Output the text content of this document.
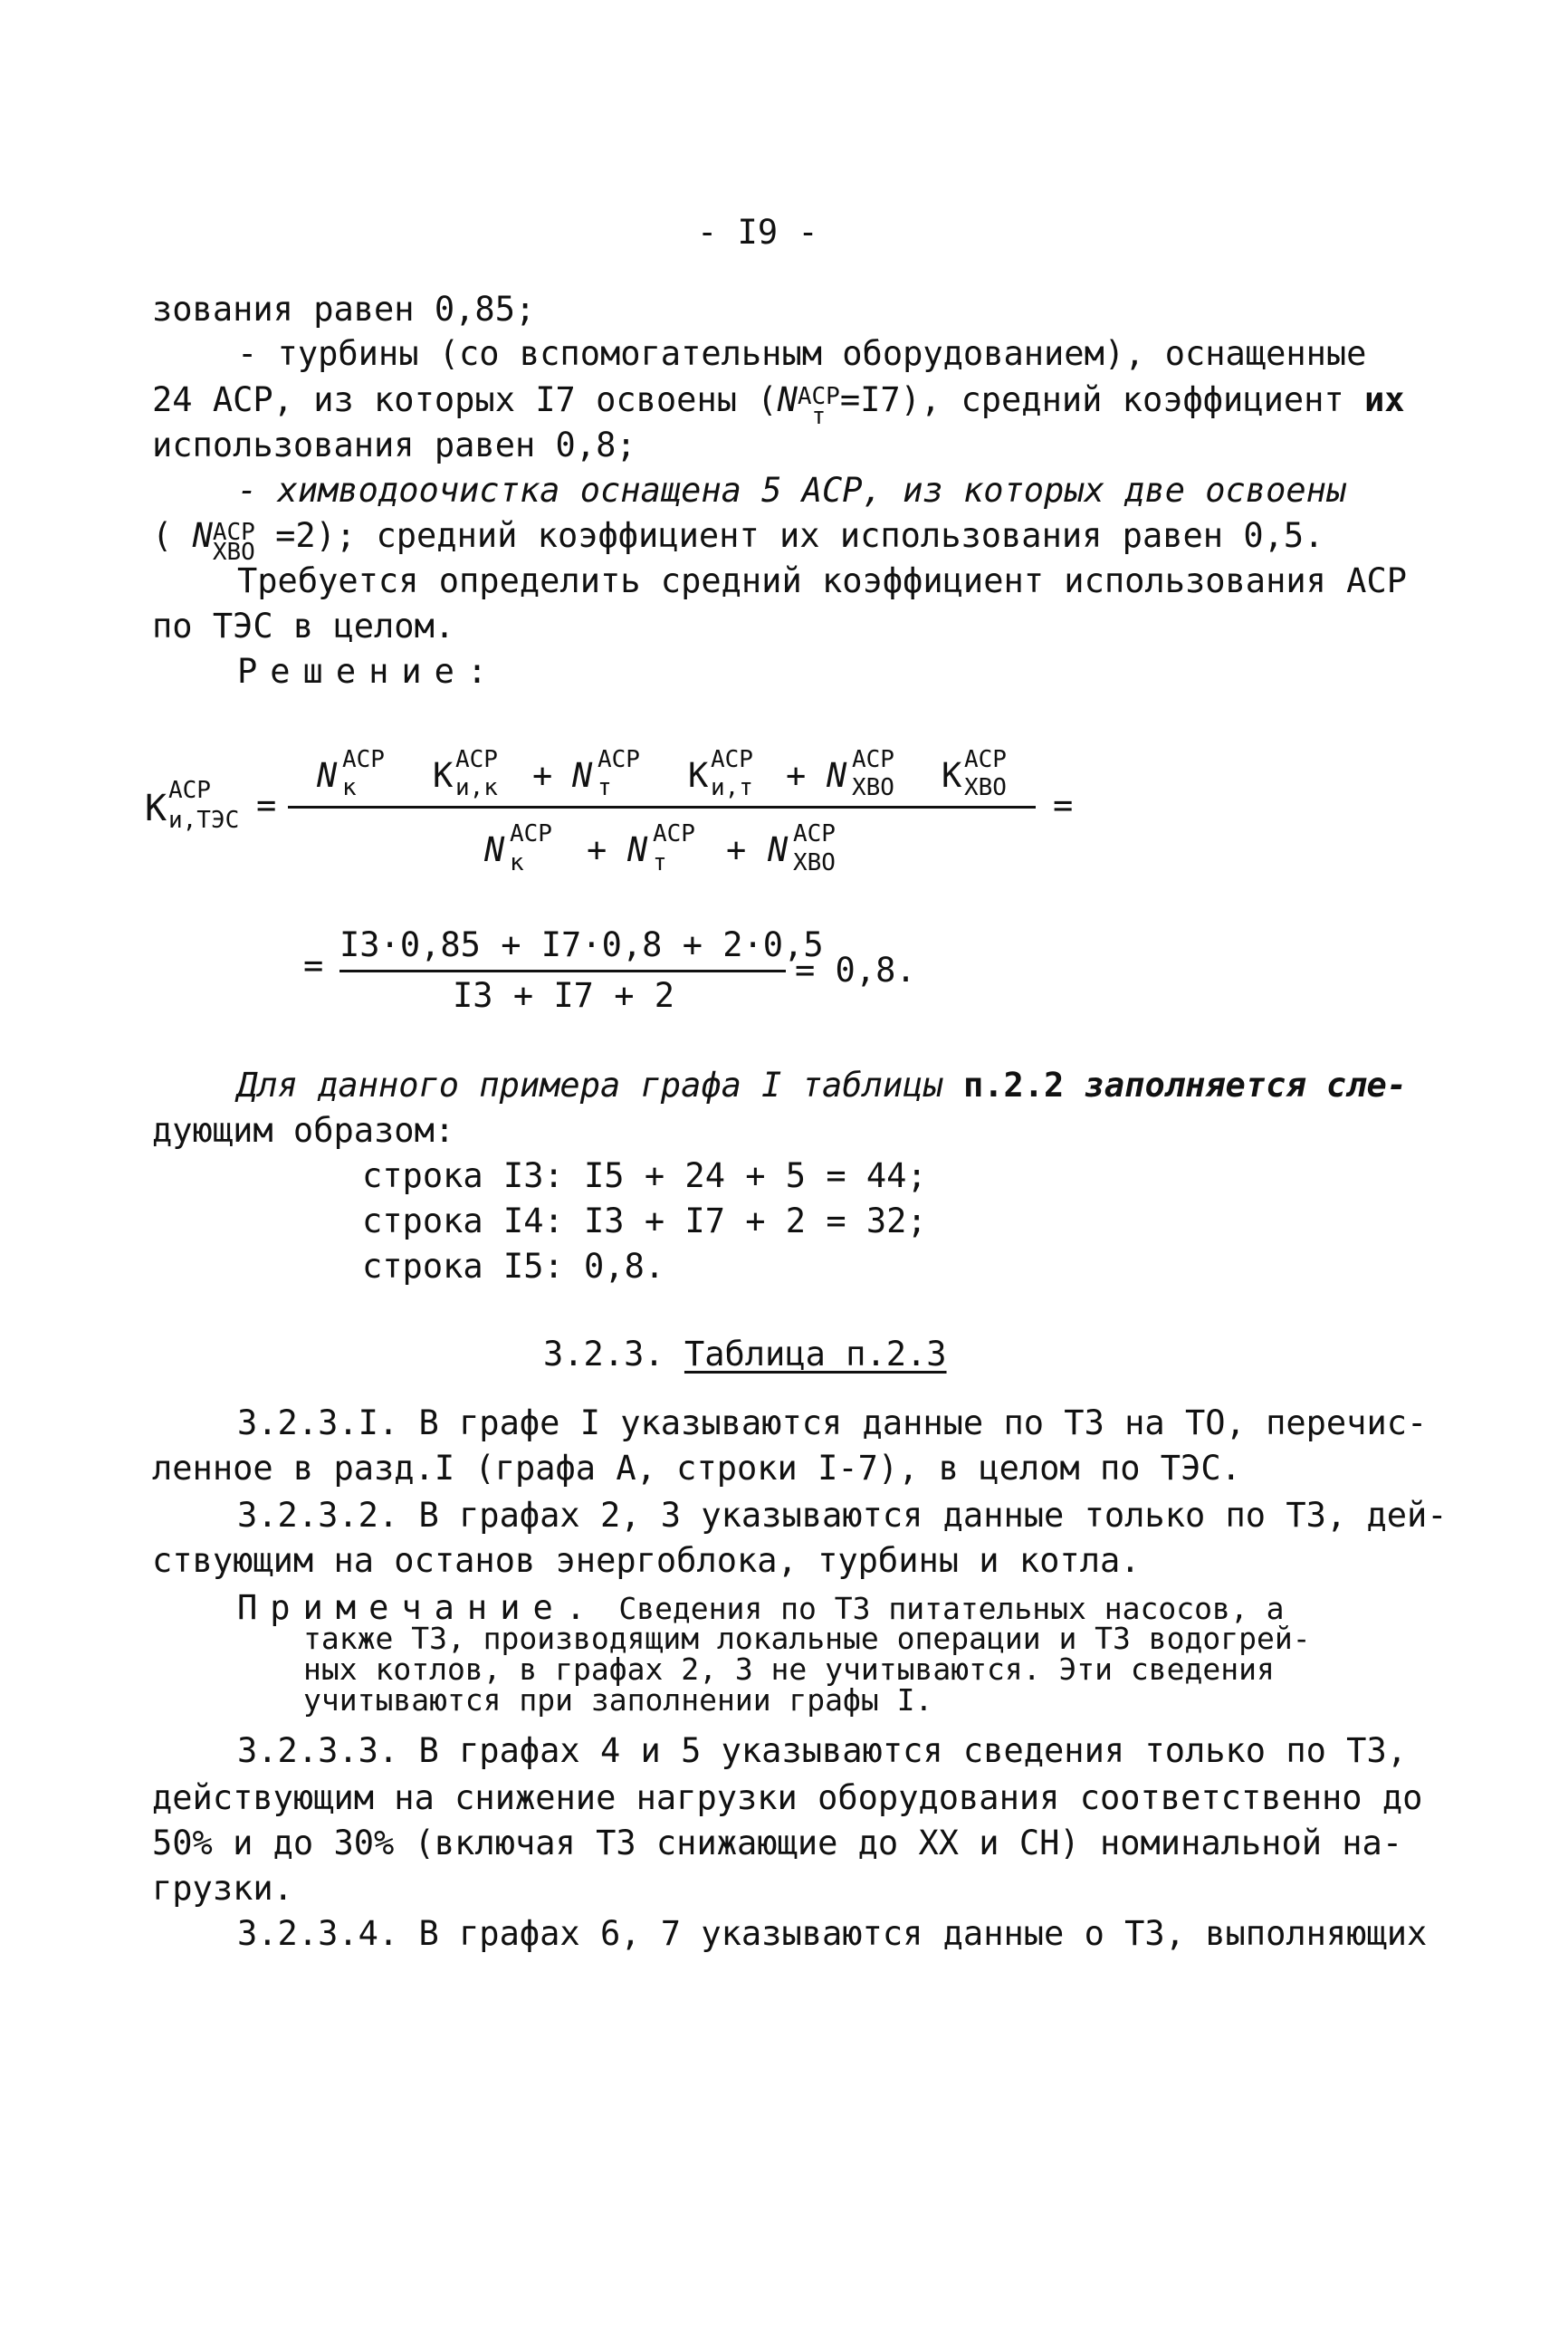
- I9 -
зования равен 0,85;
- турбины (со вспомогательным оборудованием), оснащенные
24 АСР, из которых I7 освоены (N АСР
т =I7), средний коэффициент их
использования равен 0,8;
- химводоочистка оснащена 5 АСР, из которых две освоены
( N АСР
ХВО =2); средний коэффициент их использования равен 0,5.
Требуется определить средний коэффициент использования АСР
по ТЭС в целом.
Решение:
К АСР
и,ТЭС =
N АСР
к К АСР
и,к + N АСР
т К АСР
и,т + N АСР
ХВО К АСР
ХВО =
N АСР
к + N АСР
т + N АСР
ХВО
=
I3·0,85 + I7·0,8 + 2·0,5
I3 + I7 + 2
= 0,8.
Для данного примера графа I таблицы п.2.2 заполняется сле-
дующим образом:
строка I3: I5 + 24 + 5 = 44;
строка I4: I3 + I7 + 2 = 32;
строка I5: 0,8.
3.2.3. Таблица п.2.3
3.2.3.I. В графе I указываются данные по ТЗ на ТО, перечис-
ленное в разд.I (графа А, строки I-7), в целом по ТЭС.
3.2.3.2. В графах 2, 3 указываются данные только по ТЗ, дей-
ствующим на останов энергоблока, турбины и котла.
Примечание. Сведения по ТЗ питательных насосов, а
также ТЗ, производящим локальные операции и ТЗ водогрей-
ных котлов, в графах 2, 3 не учитываются. Эти сведения
учитываются при заполнении графы I.
3.2.3.3. В графах 4 и 5 указываются сведения только по ТЗ,
действующим на снижение нагрузки оборудования соответственно до
50% и до 30% (включая ТЗ снижающие до XX и СН) номинальной на-
грузки.
3.2.3.4. В графах 6, 7 указываются данные о ТЗ, выполняющих
